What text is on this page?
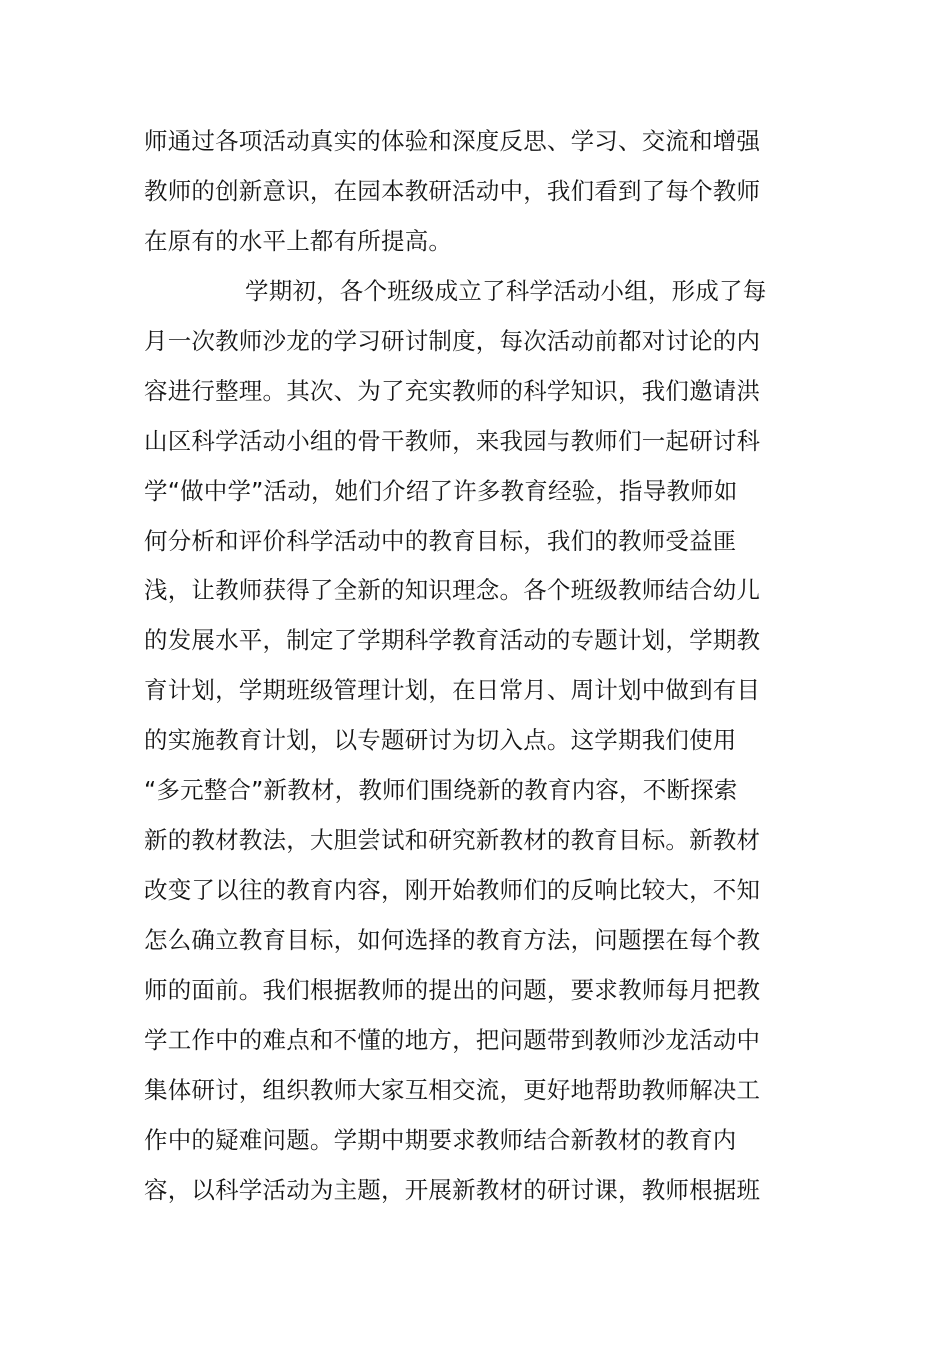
师通过各项活动真实的体验和深度反思、学习、交流和增强
教师的创新意识，在园本教研活动中，我们看到了每个教师
在原有的水平上都有所提高。
学期初，各个班级成立了科学活动小组，形成了每
月一次教师沙龙的学习研讨制度，每次活动前都对讨论的内
容进行整理。其次、为了充实教师的科学知识，我们邀请洪
山区科学活动小组的骨干教师，来我园与教师们一起研讨科
学“做中学”活动，她们介绍了许多教育经验，指导教师如
何分析和评价科学活动中的教育目标，我们的教师受益匪
浅，让教师获得了全新的知识理念。各个班级教师结合幼儿
的发展水平，制定了学期科学教育活动的专题计划，学期教
育计划，学期班级管理计划，在日常月、周计划中做到有目
的实施教育计划，以专题研讨为切入点。这学期我们使用
“多元整合”新教材，教师们围绕新的教育内容，不断探索
新的教材教法，大胆尝试和研究新教材的教育目标。新教材
改变了以往的教育内容，刚开始教师们的反响比较大，不知
怎么确立教育目标，如何选择的教育方法，问题摆在每个教
师的面前。我们根据教师的提出的问题，要求教师每月把教
学工作中的难点和不懂的地方，把问题带到教师沙龙活动中
集体研讨，组织教师大家互相交流，更好地帮助教师解决工
作中的疑难问题。学期中期要求教师结合新教材的教育内
容，以科学活动为主题，开展新教材的研讨课，教师根据班
